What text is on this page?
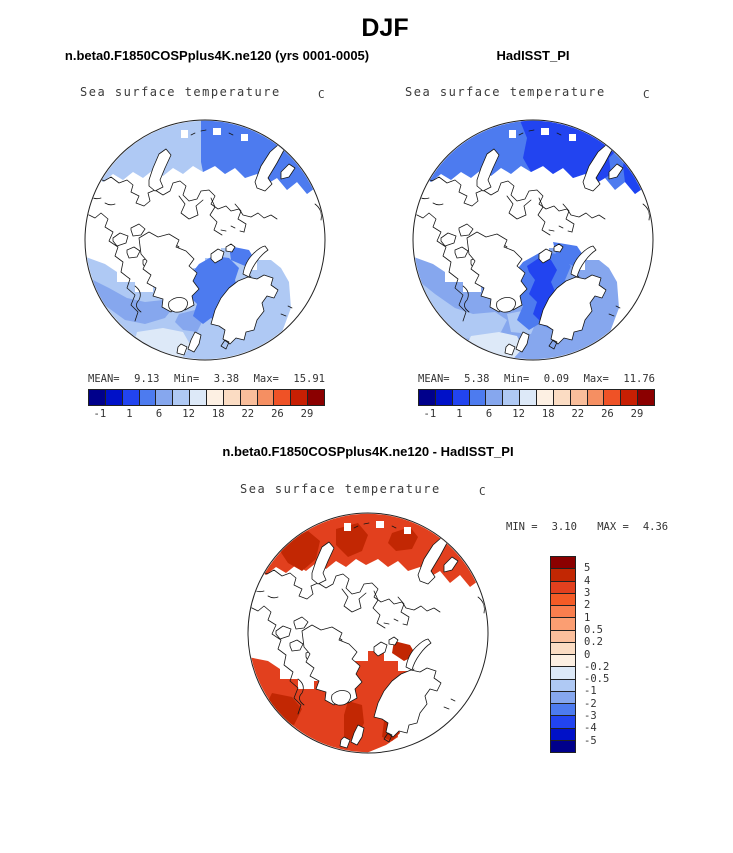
DJF
n.beta0.F1850COSPplus4K.ne120 (yrs 0001-0005)	HadISST_PI
Sea surface temperature	C	Sea surface temperature	C
MEAN= 9.13 Min= 3.38 Max= 15.91
-1 1 6 12 18 22 26 29
MEAN= 5.38 Min= 0.09 Max= 11.76
-1 1 6 12 18 22 26 29
n.beta0.F1850COSPplus4K.ne120 - HadISST_PI
Sea surface temperature	C
MIN = 3.10 MAX = 4.36
5
4
3
2
1
0.5
0.2
0
-0.2
-0.5
-1
-2
-3
-4
-5
